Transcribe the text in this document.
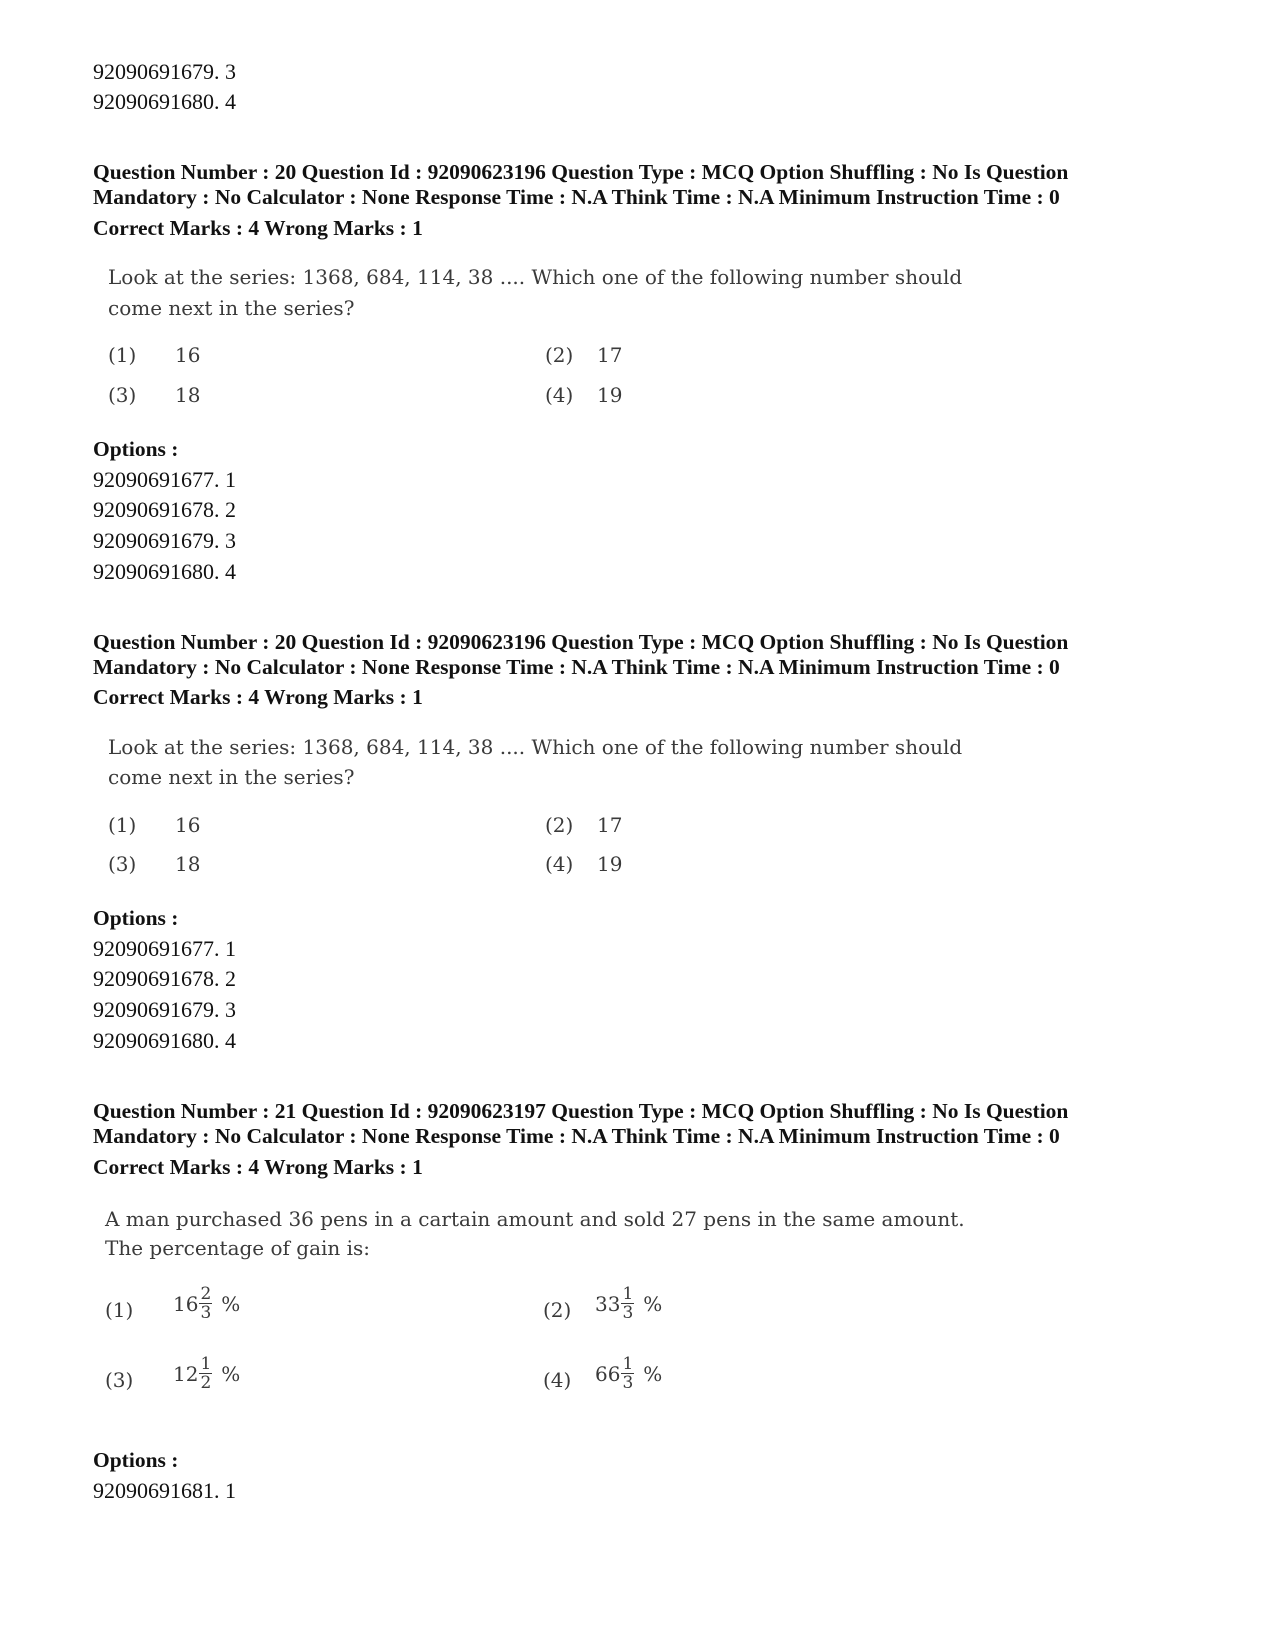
92090691679. 3
92090691680. 4
Question Number : 20 Question Id : 92090623196 Question Type : MCQ Option Shuffling : No Is Question
Mandatory : No Calculator : None Response Time : N.A Think Time : N.A Minimum Instruction Time : 0
Correct Marks : 4 Wrong Marks : 1
Look at the series: 1368, 684, 114, 38 .... Which one of the following number should
come next in the series?
(1) 16	(2) 17
(3) 18	(4) 19
Options :
92090691677. 1
92090691678. 2
92090691679. 3
92090691680. 4
Question Number : 20 Question Id : 92090623196 Question Type : MCQ Option Shuffling : No Is Question
Mandatory : No Calculator : None Response Time : N.A Think Time : N.A Minimum Instruction Time : 0
Correct Marks : 4 Wrong Marks : 1
Look at the series: 1368, 684, 114, 38 .... Which one of the following number should
come next in the series?
(1) 16	(2) 17
(3) 18	(4) 19
Options :
92090691677. 1
92090691678. 2
92090691679. 3
92090691680. 4
Question Number : 21 Question Id : 92090623197 Question Type : MCQ Option Shuffling : No Is Question
Mandatory : No Calculator : None Response Time : N.A Think Time : N.A Minimum Instruction Time : 0
Correct Marks : 4 Wrong Marks : 1
A man purchased 36 pens in a cartain amount and sold 27 pens in the same amount.
The percentage of gain is:
(1) $16 \frac{2}{3}$ %	(2) $33 \frac{1}{3}$ %
(3) $12 \frac{1}{2}$ %	(4) $66 \frac{1}{3}$ %
Options :
92090691681. 1
